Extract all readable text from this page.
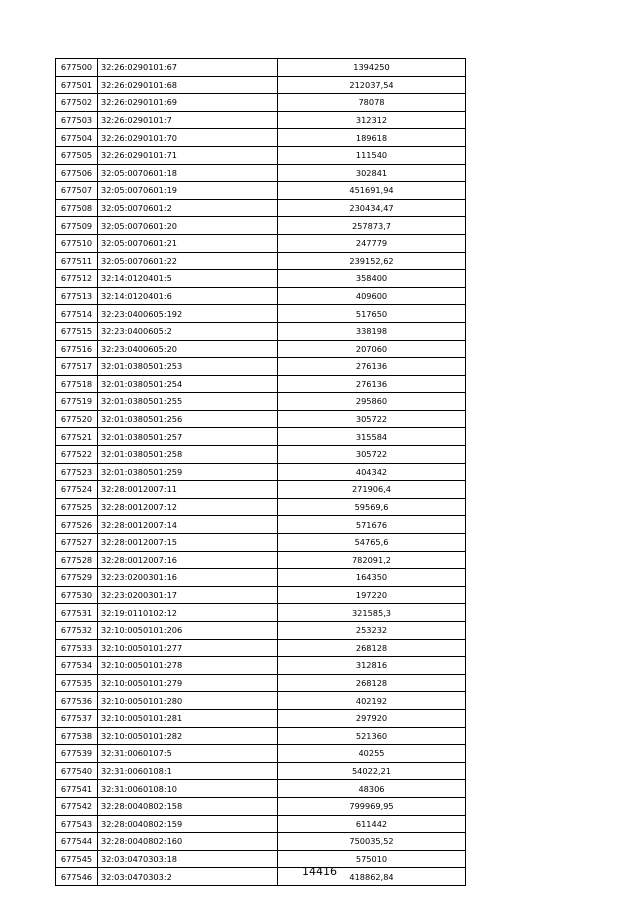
677500	32:26:0290101:67	1394250
677501	32:26:0290101:68	212037,54
677502	32:26:0290101:69	78078
677503	32:26:0290101:7	312312
677504	32:26:0290101:70	189618
677505	32:26:0290101:71	111540
677506	32:05:0070601:18	302841
677507	32:05:0070601:19	451691,94
677508	32:05:0070601:2	230434,47
677509	32:05:0070601:20	257873,7
677510	32:05:0070601:21	247779
677511	32:05:0070601:22	239152,62
677512	32:14:0120401:5	358400
677513	32:14:0120401:6	409600
677514	32:23:0400605:192	517650
677515	32:23:0400605:2	338198
677516	32:23:0400605:20	207060
677517	32:01:0380501:253	276136
677518	32:01:0380501:254	276136
677519	32:01:0380501:255	295860
677520	32:01:0380501:256	305722
677521	32:01:0380501:257	315584
677522	32:01:0380501:258	305722
677523	32:01:0380501:259	404342
677524	32:28:0012007:11	271906,4
677525	32:28:0012007:12	59569,6
677526	32:28:0012007:14	571676
677527	32:28:0012007:15	54765,6
677528	32:28:0012007:16	782091,2
677529	32:23:0200301:16	164350
677530	32:23:0200301:17	197220
677531	32:19:0110102:12	321585,3
677532	32:10:0050101:206	253232
677533	32:10:0050101:277	268128
677534	32:10:0050101:278	312816
677535	32:10:0050101:279	268128
677536	32:10:0050101:280	402192
677537	32:10:0050101:281	297920
677538	32:10:0050101:282	521360
677539	32:31:0060107:5	40255
677540	32:31:0060108:1	54022,21
677541	32:31:0060108:10	48306
677542	32:28:0040802:158	799969,95
677543	32:28:0040802:159	611442
677544	32:28:0040802:160	750035,52
677545	32:03:0470303:18	575010
677546	32:03:0470303:2	418862,84
14416
